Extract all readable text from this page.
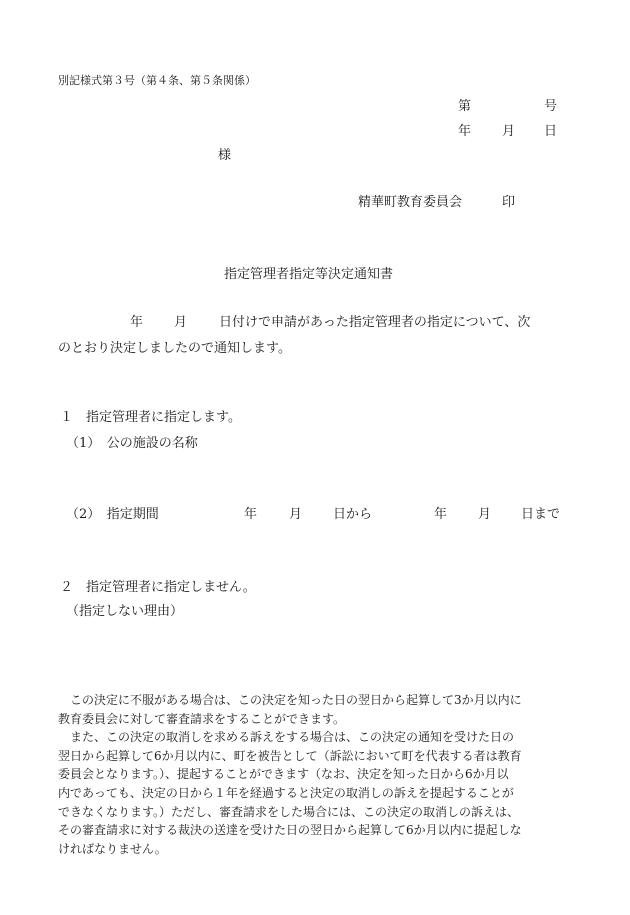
別記様式第３号（第４条、第５条関係）
第	号
年 月 日
様
精華町教育委員会	印
指定管理者指定等決定通知書
年 月 日付けで申請があった指定管理者の指定について、次
のとおり決定しましたので通知します。
１　指定管理者に指定します。
（1）　公の施設の名称
（2）　指定期間	年 月 日から	年 月 日まで
２　指定管理者に指定しません。
（指定しない理由）
　この決定に不服がある場合は、この決定を知った日の翌日から起算して3か月以内に
教育委員会に対して審査請求をすることができます。
　また、この決定の取消しを求める訴えをする場合は、この決定の通知を受けた日の
翌日から起算して6か月以内に、町を被告として（訴訟において町を代表する者は教育
委員会となります。）、提起することができます（なお、決定を知った日から6か月以
内であっても、決定の日から１年を経過すると決定の取消しの訴えを提起することが
できなくなります。）ただし、審査請求をした場合には、この決定の取消しの訴えは、
その審査請求に対する裁決の送達を受けた日の翌日から起算して6か月以内に提起しな
ければなりません。
